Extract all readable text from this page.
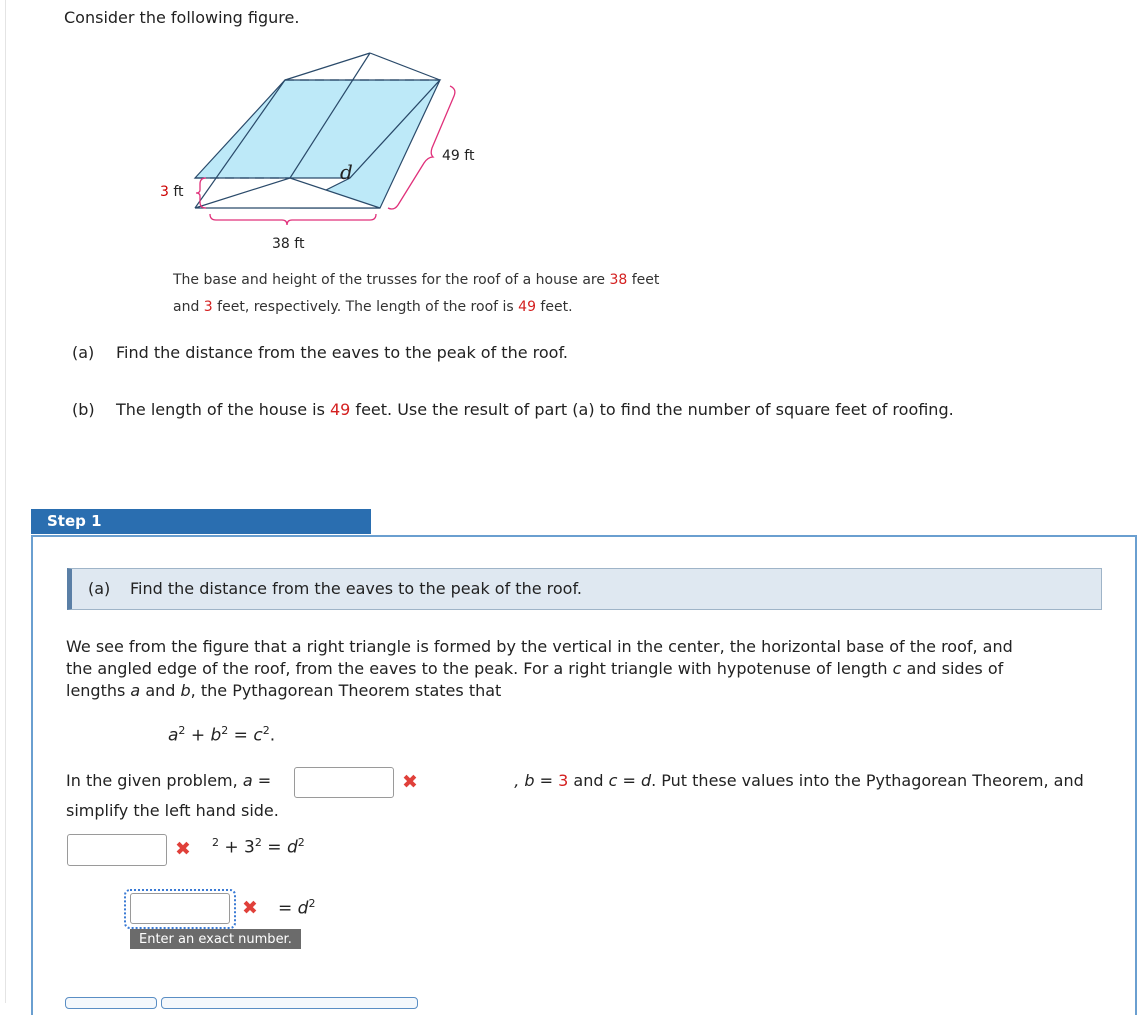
Consider the following figure.
3 ft
38 ft
49 ft
d
The base and height of the trusses for the roof of a house are 38 feet
and 3 feet, respectively. The length of the roof is 49 feet.
(a) Find the distance from the eaves to the peak of the roof.
(b) The length of the house is 49 feet. Use the result of part (a) to find the number of square feet of roofing.
Step 1
(a) Find the distance from the eaves to the peak of the roof.
We see from the figure that a right triangle is formed by the vertical in the center, the horizontal base of the roof, and
the angled edge of the roof, from the eaves to the peak. For a right triangle with hypotenuse of length c and sides of
lengths a and b, the Pythagorean Theorem states that
$a^2 + b^2 = c^2$.
In the given problem, a =	, b = 3 and c = d. Put these values into the Pythagorean Theorem, and
✖
simplify the left hand side.
✖ $^2 + 3^2 = d^2$
✖ = $d^2$
Enter an exact number.
